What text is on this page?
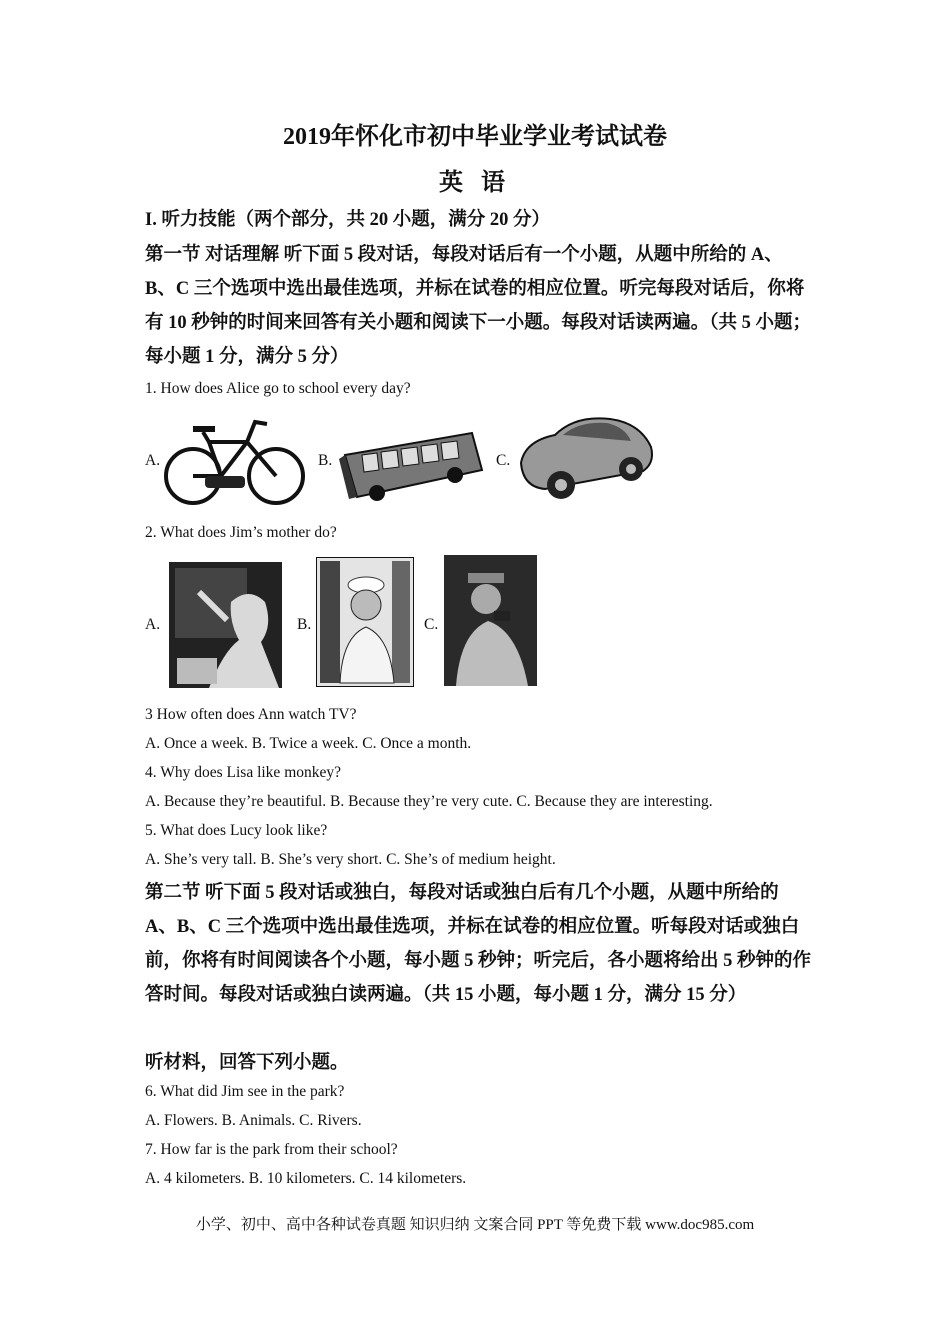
2019年怀化市初中毕业学业考试试卷
英 语
I. 听力技能（两个部分，共 20 小题，满分 20 分）
第一节 对话理解 听下面 5 段对话，每段对话后有一个小题，从题中所给的 A、B、C 三个选项中选出最佳选项，并标在试卷的相应位置。听完每段对话后，你将有 10 秒钟的时间来回答有关小题和阅读下一小题。每段对话读两遍。（共 5 小题；每小题 1 分，满分 5 分）
1. How does Alice go to school every day?
A.	B.	C.
2. What does Jim’s mother do?
A.	B.	C.
3 How often does Ann watch TV?
A. Once a week. B. Twice a week. C. Once a month.
4. Why does Lisa like monkey?
A. Because they’re beautiful. B. Because they’re very cute. C. Because they are interesting.
5. What does Lucy look like?
A. She’s very tall. B. She’s very short. C. She’s of medium height.
第二节 听下面 5 段对话或独白，每段对话或独白后有几个小题，从题中所给的 A、B、C 三个选项中选出最佳选项，并标在试卷的相应位置。听每段对话或独白前，你将有时间阅读各个小题，每小题 5 秒钟；听完后，各小题将给出 5 秒钟的作答时间。每段对话或独白读两遍。（共 15 小题，每小题 1 分，满分 15 分）
听材料，回答下列小题。
6. What did Jim see in the park?
A. Flowers. B. Animals. C. Rivers.
7. How far is the park from their school?
A. 4 kilometers. B. 10 kilometers. C. 14 kilometers.
小学、初中、高中各种试卷真题 知识归纳 文案合同 PPT 等免费下载 www.doc985.com
